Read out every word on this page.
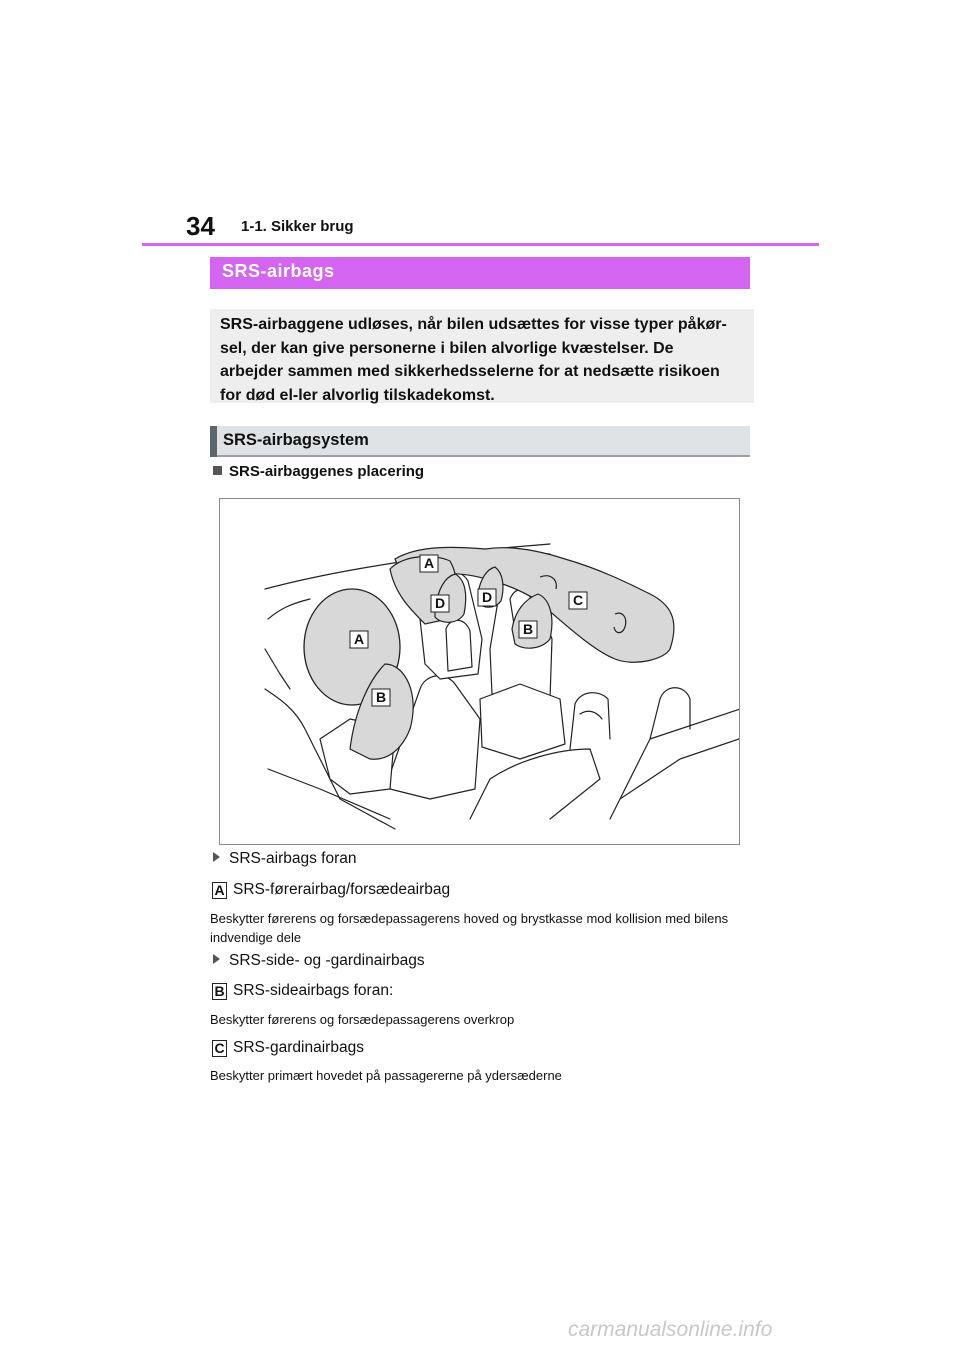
34 1-1. Sikker brug
SRS-airbags
SRS-airbaggene udløses, når bilen udsættes for visse typer påkør-sel, der kan give personerne i bilen alvorlige kvæstelser. De arbejder sammen med sikkerhedsselerne for at nedsætte risikoen for død el-ler alvorlig tilskadekomst.
SRS-airbagsystem
SRS-airbaggenes placering
A
A
B
B
C
D	D
SRS-airbags foran
A SRS-førerairbag/forsædeairbag
Beskytter førerens og forsædepassagerens hoved og brystkasse mod kollision med bilens indvendige dele
SRS-side- og -gardinairbags
B SRS-sideairbags foran:
Beskytter førerens og forsædepassagerens overkrop
C SRS-gardinairbags
Beskytter primært hovedet på passagererne på ydersæderne
carmanualsonline.info
